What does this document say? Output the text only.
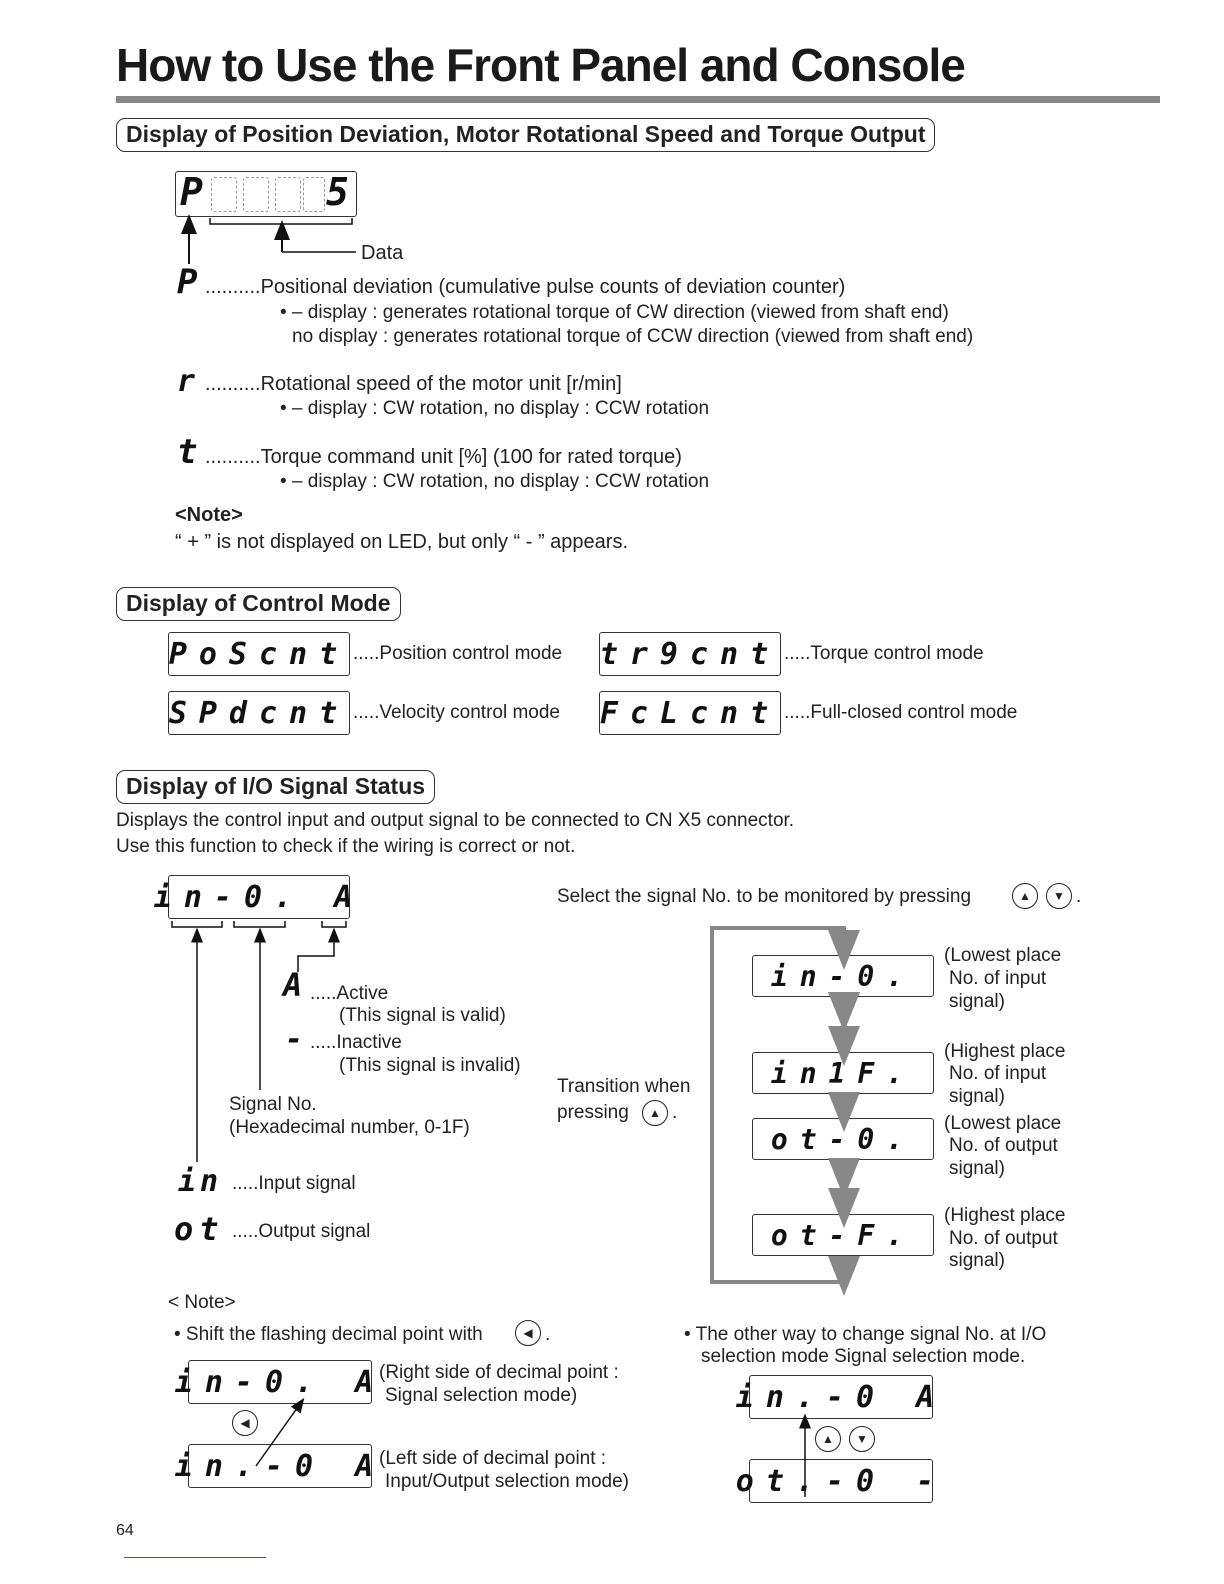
How to Use the Front Panel and Console
Display of Position Deviation, Motor Rotational Speed and Torque Output
P	5
Data
P ..........Positional deviation (cumulative pulse counts of deviation counter)
• – display : generates rotational torque of CW direction (viewed from shaft end)
no display : generates rotational torque of CCW direction (viewed from shaft end)
r ..........Rotational speed of the motor unit [r/min]
• – display : CW rotation, no display : CCW rotation
t ..........Torque command unit [%] (100 for rated torque)
• – display : CW rotation, no display : CCW rotation
<Note>
“ + ” is not displayed on LED, but only “ - ” appears.
Display of Control Mode
PoScnt .....Position control mode tr9cnt .....Torque control mode
SPdcnt .....Velocity control mode FcLcnt .....Full-closed control mode
Display of I/O Signal Status
Displays the control input and output signal to be connected to CN X5 connector.
Use this function to check if the wiring is correct or not.
in-0. A	Select the signal No. to be monitored by pressing	▲	▼ .
A .....Active
(This signal is valid)
- .....Inactive
(This signal is invalid)
Signal No.
(Hexadecimal number, 0-1F)
in .....Input signal
ot .....Output signal
Transition when
pressing	▲ .
in-0.
(Lowest place
No. of input
signal)
in1F.
(Highest place
No. of input
signal)
ot-0.	(Lowest place
No. of output
signal)
ot-F.
(Highest place
No. of output
signal)
< Note>
• Shift the flashing decimal point with	◀ .
in-0. A
(Right side of decimal point :
Signal selection mode)
◀
in.-0 A
(Left side of decimal point :
Input/Output selection mode)
• The other way to change signal No. at I/O
selection mode Signal selection mode.
in.-0 A
▲	▼
ot.-0 -
64
